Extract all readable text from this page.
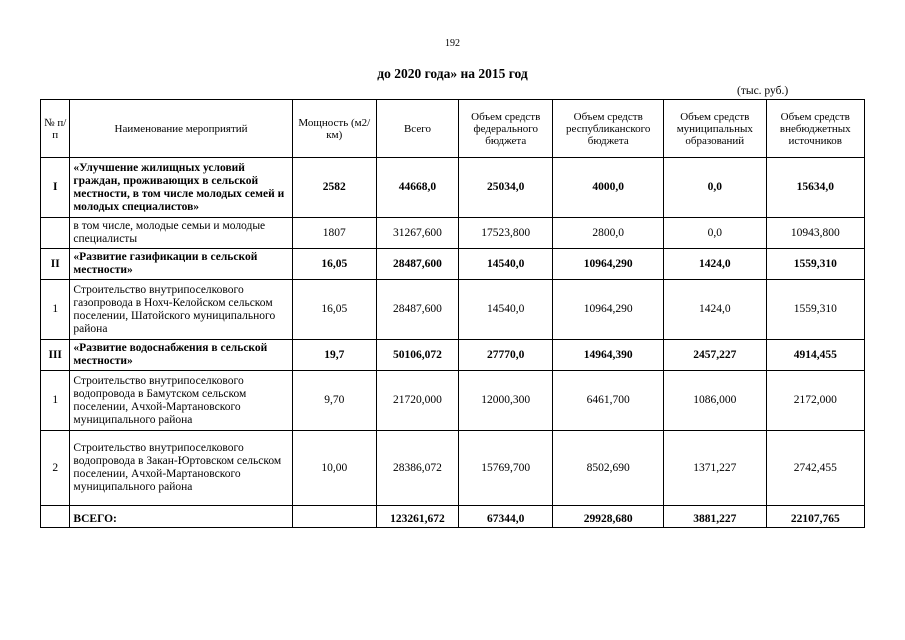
192
до 2020 года» на 2015 год
(тыс. руб.)
№ п/п	Наименование мероприятий	Мощность (м2/км)	Всего	Объем средств федерального бюджета	Объем средств республиканского бюджета	Объем средств муниципальных образований	Объем средств внебюджетных источников
I	«Улучшение жилищных условий граждан, проживающих в сельской местности, в том числе молодых семей и молодых специалистов»	2582	44668,0	25034,0	4000,0	0,0	15634,0
	в том числе, молодые семьи и молодые специалисты	1807	31267,600	17523,800	2800,0	0,0	10943,800
II	«Развитие газификации в сельской местности»	16,05	28487,600	14540,0	10964,290	1424,0	1559,310
1	Строительство внутрипоселкового газопровода в Нохч-Келойском сельском поселении, Шатойского муниципального района	16,05	28487,600	14540,0	10964,290	1424,0	1559,310
III	«Развитие водоснабжения в сельской местности»	19,7	50106,072	27770,0	14964,390	2457,227	4914,455
1	Строительство внутрипоселкового водопровода в Бамутском сельском поселении, Ачхой-Мартановского муниципального района	9,70	21720,000	12000,300	6461,700	1086,000	2172,000
2	Строительство внутрипоселкового водопровода в Закан-Юртовском сельском поселении, Ачхой-Мартановского муниципального района	10,00	28386,072	15769,700	8502,690	1371,227	2742,455
	ВСЕГО:		123261,672	67344,0	29928,680	3881,227	22107,765
